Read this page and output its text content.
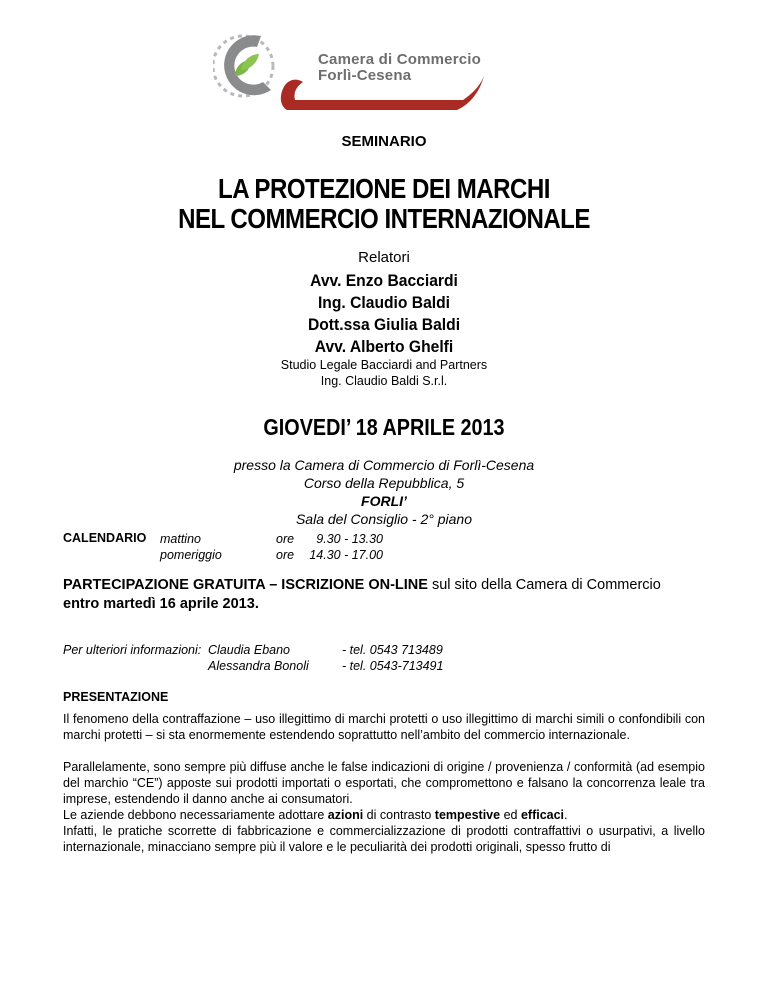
Camera di Commercio
Forlì-Cesena
SEMINARIO
LA PROTEZIONE DEI MARCHI
NEL COMMERCIO INTERNAZIONALE
Relatori
Avv. Enzo Bacciardi
Ing. Claudio Baldi
Dott.ssa Giulia Baldi
Avv. Alberto Ghelfi
Studio Legale Bacciardi and Partners
Ing. Claudio Baldi S.r.l.
GIOVEDI’ 18 APRILE 2013
presso la Camera di Commercio di Forlì-Cesena
Corso della Repubblica, 5
FORLI’
Sala del Consiglio - 2° piano
CALENDARIO mattino
pomeriggio
ore
ore
9.30 - 13.30
14.30 - 17.00
PARTECIPAZIONE GRATUITA – ISCRIZIONE ON-LINE sul sito della Camera di Commercio
entro martedì 16 aprile 2013.
Per ulteriori informazioni: Claudia Ebano
Alessandra Bonoli
- tel. 0543 713489
- tel. 0543-713491
PRESENTAZIONE
Il fenomeno della contraffazione – uso illegittimo di marchi protetti o uso illegittimo di marchi simili o confondibili con marchi protetti – si sta enormemente estendendo soprattutto nell’ambito del commercio internazionale.
Parallelamente, sono sempre più diffuse anche le false indicazioni di origine / provenienza / conformità (ad esempio del marchio “CE”) apposte sui prodotti importati o esportati, che compromettono e falsano la concorrenza leale tra imprese, estendendo il danno anche ai consumatori.
Le aziende debbono necessariamente adottare azioni di contrasto tempestive ed efficaci.
Infatti, le pratiche scorrette di fabbricazione e commercializzazione di prodotti contraffattivi o usurpativi, a livello internazionale, minacciano sempre più il valore e le peculiarità dei prodotti originali, spesso frutto di
